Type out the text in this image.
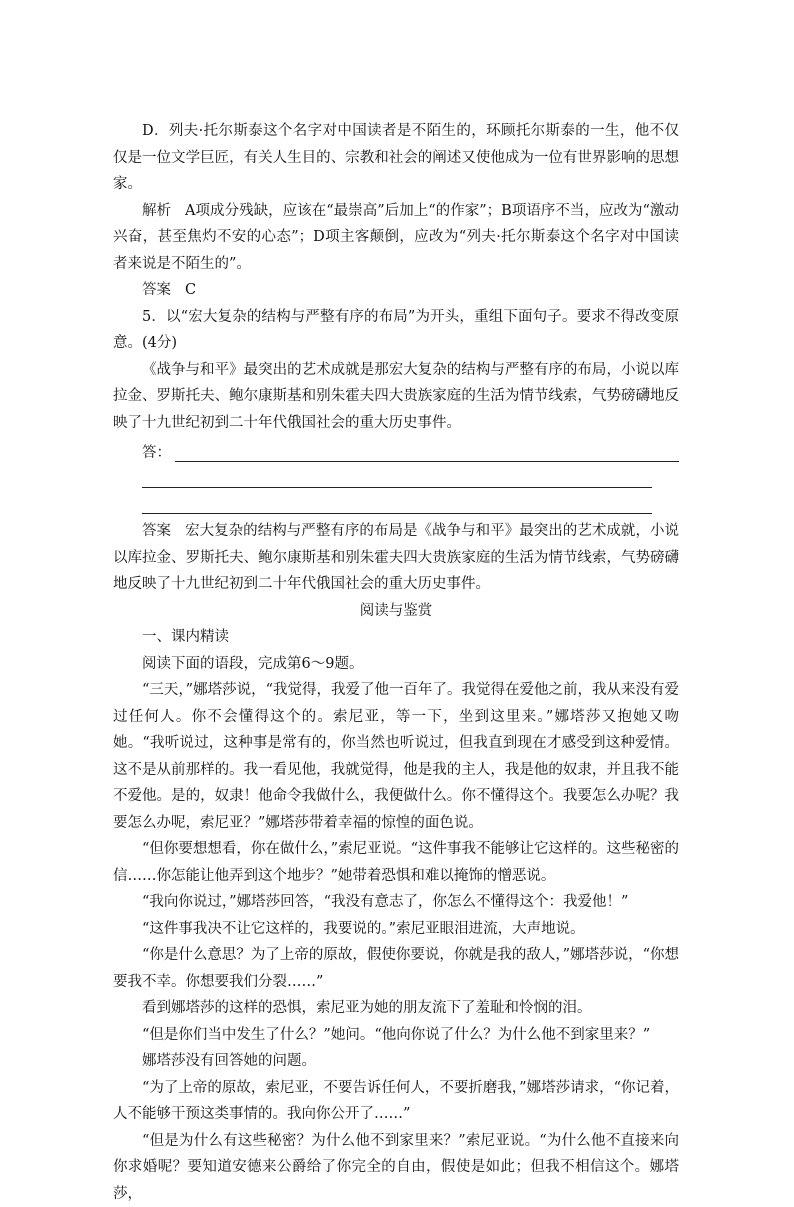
D．列夫·托尔斯泰这个名字对中国读者是不陌生的，环顾托尔斯泰的一生，他不仅仅是一位文学巨匠，有关人生目的、宗教和社会的阐述又使他成为一位有世界影响的思想家。

解析 A项成分残缺，应该在“最崇高”后加上“的作家”；B项语序不当，应改为“激动兴奋，甚至焦灼不安的心态”；D项主客颠倒，应改为“列夫·托尔斯泰这个名字对中国读者来说是不陌生的”。

答案 C

5．以“宏大复杂的结构与严整有序的布局”为开头，重组下面句子。要求不得改变原意。(4分)

《战争与和平》最突出的艺术成就是那宏大复杂的结构与严整有序的布局，小说以库拉金、罗斯托夫、鲍尔康斯基和别朱霍夫四大贵族家庭的生活为情节线索，气势磅礴地反映了十九世纪初到二十年代俄国社会的重大历史事件。

答：

答案 宏大复杂的结构与严整有序的布局是《战争与和平》最突出的艺术成就，小说以库拉金、罗斯托夫、鲍尔康斯基和别朱霍夫四大贵族家庭的生活为情节线索，气势磅礴地反映了十九世纪初到二十年代俄国社会的重大历史事件。

阅读与鉴赏

一、课内精读

阅读下面的语段，完成第6～9题。

“三天，”娜塔莎说，“我觉得，我爱了他一百年了。我觉得在爱他之前，我从来没有爱过任何人。你不会懂得这个的。索尼亚，等一下，坐到这里来。”娜塔莎又抱她又吻她。“我听说过，这种事是常有的，你当然也听说过，但我直到现在才感受到这种爱情。这不是从前那样的。我一看见他，我就觉得，他是我的主人，我是他的奴隶，并且我不能不爱他。是的，奴隶！他命令我做什么，我便做什么。你不懂得这个。我要怎么办呢？我要怎么办呢，索尼亚？”娜塔莎带着幸福的惊惶的面色说。

“但你要想想看，你在做什么，”索尼亚说。“这件事我不能够让它这样的。这些秘密的信……你怎能让他弄到这个地步？”她带着恐惧和难以掩饰的憎恶说。

“我向你说过，”娜塔莎回答，“我没有意志了，你怎么不懂得这个：我爱他！”

“这件事我决不让它这样的，我要说的。”索尼亚眼泪进流，大声地说。

“你是什么意思？为了上帝的原故，假使你要说，你就是我的敌人，”娜塔莎说，“你想要我不幸。你想要我们分裂……”

看到娜塔莎的这样的恐惧，索尼亚为她的朋友流下了羞耻和怜悯的泪。

“但是你们当中发生了什么？”她问。“他向你说了什么？为什么他不到家里来？”

娜塔莎没有回答她的问题。

“为了上帝的原故，索尼亚，不要告诉任何人，不要折磨我，”娜塔莎请求，“你记着，人不能够干预这类事情的。我向你公开了……”

“但是为什么有这些秘密？为什么他不到家里来？”索尼亚说。“为什么他不直接来向你求婚呢？要知道安德来公爵给了你完全的自由，假使是如此；但我不相信这个。娜塔莎，
